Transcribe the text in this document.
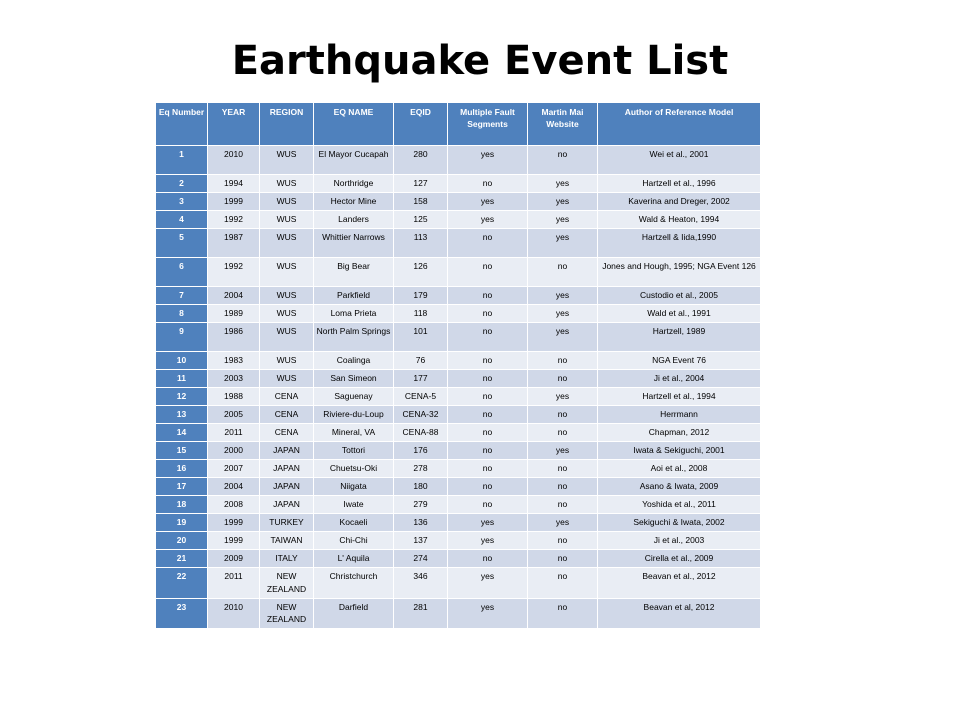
Earthquake Event List
Eq Number	YEAR	REGION	EQ NAME	EQID	Multiple Fault Segments	Martin Mai Website	Author of Reference Model
1	2010	WUS	El Mayor Cucapah	280	yes	no	Wei et al., 2001
2	1994	WUS	Northridge	127	no	yes	Hartzell et al., 1996
3	1999	WUS	Hector Mine	158	yes	yes	Kaverina and Dreger, 2002
4	1992	WUS	Landers	125	yes	yes	Wald & Heaton, 1994
5	1987	WUS	Whittier Narrows	113	no	yes	Hartzell & Iida,1990
6	1992	WUS	Big Bear	126	no	no	Jones and Hough, 1995; NGA Event 126
7	2004	WUS	Parkfield	179	no	yes	Custodio et al., 2005
8	1989	WUS	Loma Prieta	118	no	yes	Wald et al., 1991
9	1986	WUS	North Palm Springs	101	no	yes	Hartzell, 1989
10	1983	WUS	Coalinga	76	no	no	NGA Event 76
11	2003	WUS	San Simeon	177	no	no	Ji et al., 2004
12	1988	CENA	Saguenay	CENA-5	no	yes	Hartzell et al., 1994
13	2005	CENA	Riviere-du-Loup	CENA-32	no	no	Herrmann
14	2011	CENA	Mineral, VA	CENA-88	no	no	Chapman, 2012
15	2000	JAPAN	Tottori	176	no	yes	Iwata & Sekiguchi, 2001
16	2007	JAPAN	Chuetsu-Oki	278	no	no	Aoi et al., 2008
17	2004	JAPAN	Niigata	180	no	no	Asano & Iwata, 2009
18	2008	JAPAN	Iwate	279	no	no	Yoshida et al., 2011
19	1999	TURKEY	Kocaeli	136	yes	yes	Sekiguchi & Iwata, 2002
20	1999	TAIWAN	Chi-Chi	137	yes	no	Ji et al., 2003
21	2009	ITALY	L' Aquila	274	no	no	Cirella et al., 2009
22	2011	NEW ZEALAND	Christchurch	346	yes	no	Beavan et al., 2012
23	2010	NEW ZEALAND	Darfield	281	yes	no	Beavan et al, 2012
